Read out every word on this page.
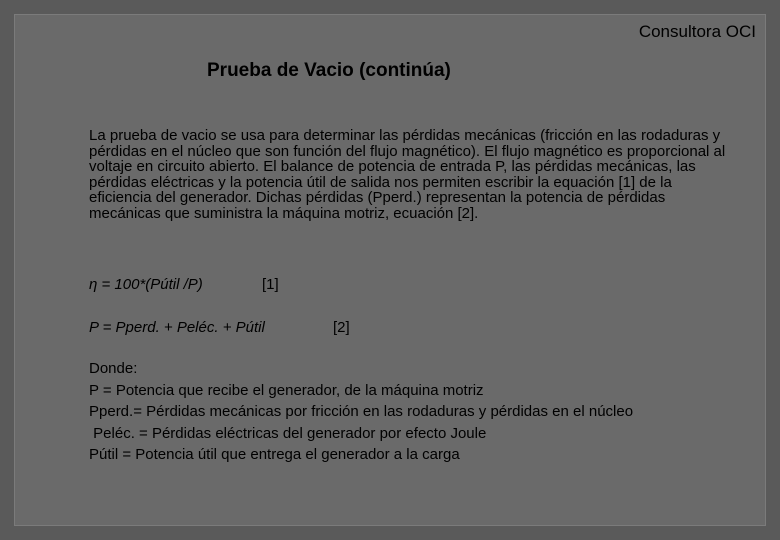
Consultora OCI
Prueba de Vacio (continúa)
La prueba de vacio se usa para determinar las pérdidas mecánicas (fricción en las rodaduras y pérdidas en el núcleo que son función del flujo magnético). El flujo magnético es proporcional al voltaje en circuito abierto. El balance de potencia de entrada P, las pérdidas mecánicas, las pérdidas eléctricas y la potencia útil de salida nos permiten escribir la equación [1] de la eficiencia del generador. Dichas pérdidas (Pperd.) representan la potencia de pérdidas mecánicas que suministra la máquina motriz, ecuación [2].
η = 100*(Pútil /P)	[1]
P = Pperd. + Peléc. + Pútil	[2]
Donde:
P = Potencia que recibe el generador, de la máquina motriz
Pperd.= Pérdidas mecánicas por fricción en las rodaduras y pérdidas en el núcleo
Peléc. = Pérdidas eléctricas del generador por efecto Joule
Pútil = Potencia útil que entrega el generador a la carga
